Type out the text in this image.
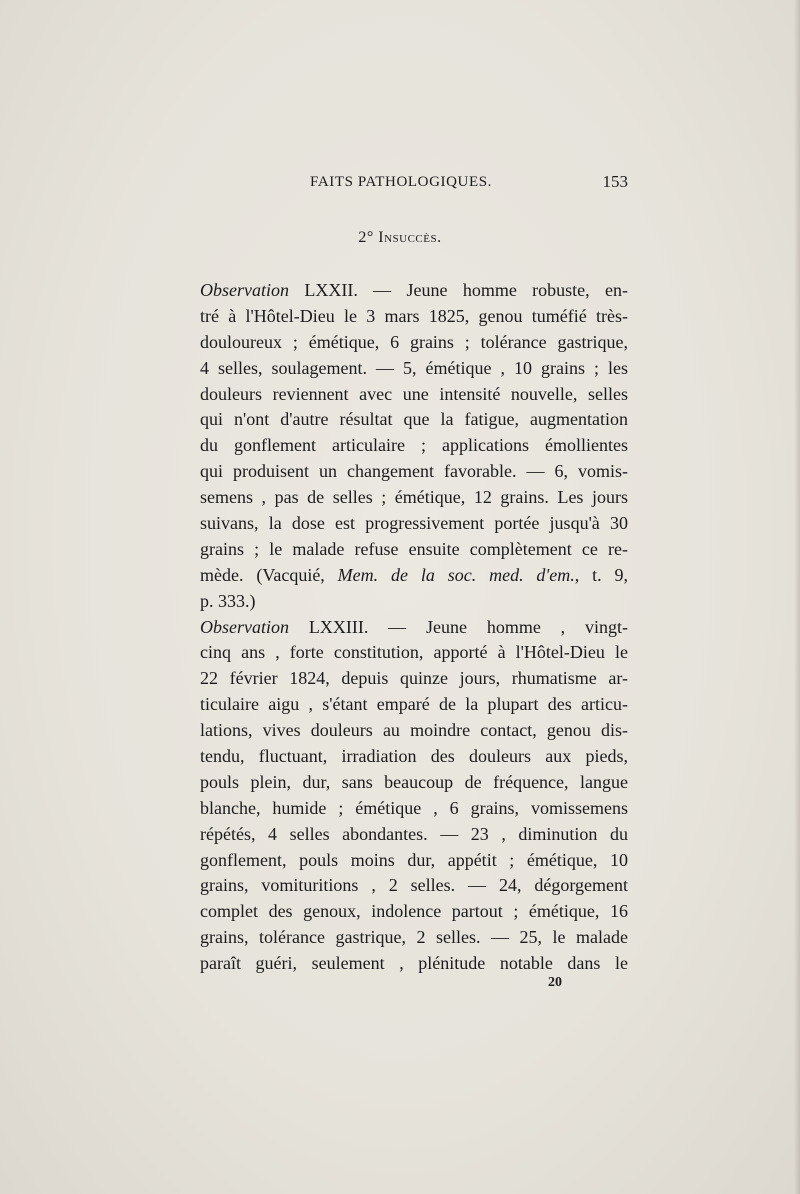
FAITS PATHOLOGIQUES.	153
2° Insuccès.
Observation LXXII. — Jeune homme robuste, en-
tré à l'Hôtel-Dieu le 3 mars 1825, genou tuméfié très-
douloureux ; émétique, 6 grains ; tolérance gastrique,
4 selles, soulagement. — 5, émétique , 10 grains ; les
douleurs reviennent avec une intensité nouvelle, selles
qui n'ont d'autre résultat que la fatigue, augmentation
du gonflement articulaire ; applications émollientes
qui produisent un changement favorable. — 6, vomis-
semens , pas de selles ; émétique, 12 grains. Les jours
suivans, la dose est progressivement portée jusqu'à 30
grains ; le malade refuse ensuite complètement ce re-
mède. (Vacquié, Mem. de la soc. med. d'em., t. 9,
p. 333.)
Observation LXXIII. — Jeune homme , vingt-
cinq ans , forte constitution, apporté à l'Hôtel-Dieu le
22 février 1824, depuis quinze jours, rhumatisme ar-
ticulaire aigu , s'étant emparé de la plupart des articu-
lations, vives douleurs au moindre contact, genou dis-
tendu, fluctuant, irradiation des douleurs aux pieds,
pouls plein, dur, sans beaucoup de fréquence, langue
blanche, humide ; émétique , 6 grains, vomissemens
répétés, 4 selles abondantes. — 23 , diminution du
gonflement, pouls moins dur, appétit ; émétique, 10
grains, vomituritions , 2 selles. — 24, dégorgement
complet des genoux, indolence partout ; émétique, 16
grains, tolérance gastrique, 2 selles. — 25, le malade
paraît guéri, seulement , plénitude notable dans le
20
